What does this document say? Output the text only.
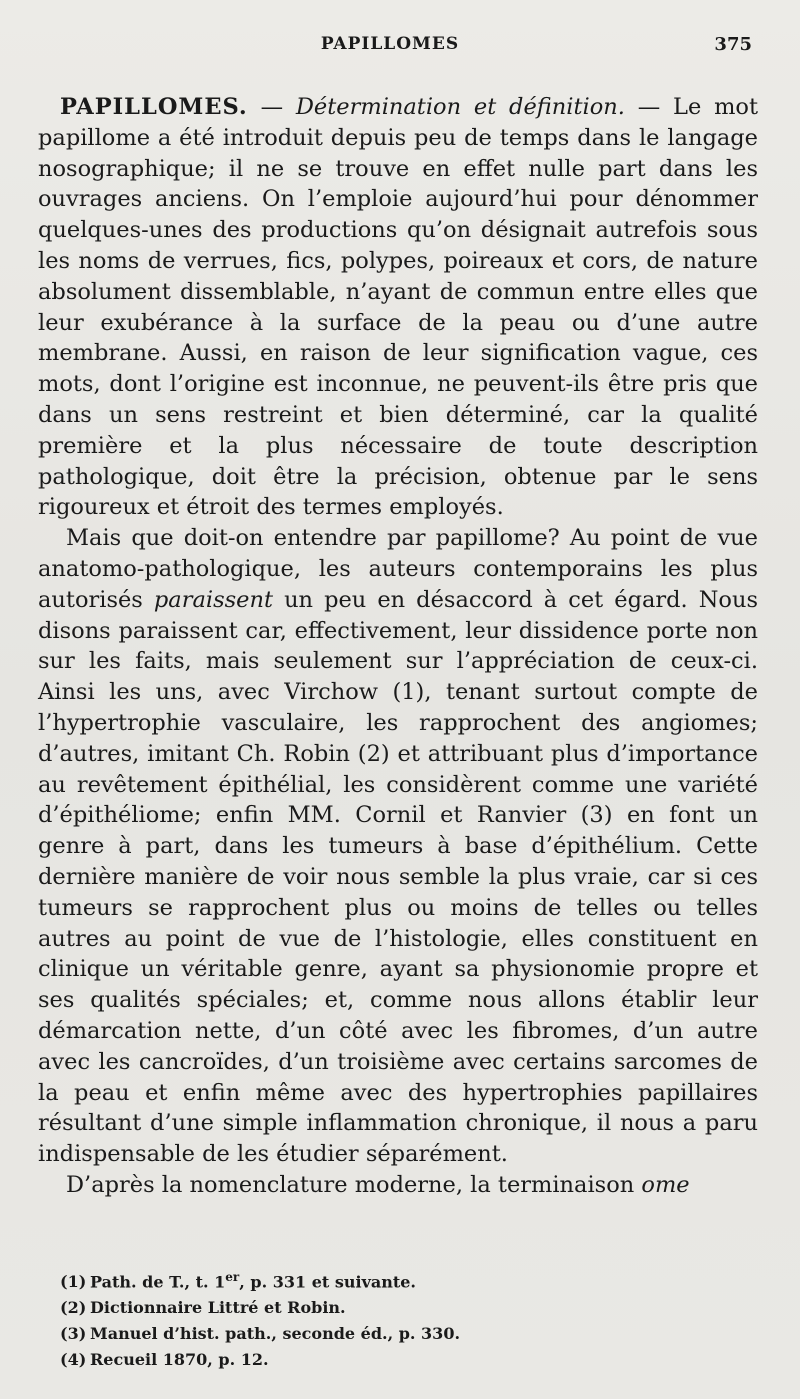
PAPILLOMES	375

PAPILLOMES. — Détermination et définition. — Le mot papillome a été introduit depuis peu de temps dans le langage nosographique; il ne se trouve en effet nulle part dans les ouvrages anciens. On l’emploie aujourd’hui pour dénommer quelques-unes des productions qu’on désignait autrefois sous les noms de verrues, fics, polypes, poireaux et cors, de nature absolument dissemblable, n’ayant de commun entre elles que leur exubérance à la surface de la peau ou d’une autre membrane. Aussi, en raison de leur signification vague, ces mots, dont l’origine est inconnue, ne peuvent-ils être pris que dans un sens restreint et bien déterminé, car la qualité première et la plus nécessaire de toute description pathologique, doit être la précision, obtenue par le sens rigoureux et étroit des termes employés.

Mais que doit-on entendre par papillome? Au point de vue anatomo-pathologique, les auteurs contemporains les plus autorisés paraissent un peu en désaccord à cet égard. Nous disons paraissent car, effectivement, leur dissidence porte non sur les faits, mais seulement sur l’appréciation de ceux-ci. Ainsi les uns, avec Virchow (1), tenant surtout compte de l’hypertrophie vasculaire, les rapprochent des angiomes; d’autres, imitant Ch. Robin (2) et attribuant plus d’importance au revêtement épithélial, les considèrent comme une variété d’épithéliome; enfin MM. Cornil et Ranvier (3) en font un genre à part, dans les tumeurs à base d’épithélium. Cette dernière manière de voir nous semble la plus vraie, car si ces tumeurs se rapprochent plus ou moins de telles ou telles autres au point de vue de l’histologie, elles constituent en clinique un véritable genre, ayant sa physionomie propre et ses qualités spéciales; et, comme nous allons établir leur démarcation nette, d’un côté avec les fibromes, d’un autre avec les cancroïdes, d’un troisième avec certains sarcomes de la peau et enfin même avec des hypertrophies papillaires résultant d’une simple inflammation chronique, il nous a paru indispensable de les étudier séparément.

D’après la nomenclature moderne, la terminaison ome

(1) Path. de T., t. 1er, p. 331 et suivante.
(2) Dictionnaire Littré et Robin.
(3) Manuel d’hist. path., seconde éd., p. 330.
(4) Recueil 1870, p. 12.
